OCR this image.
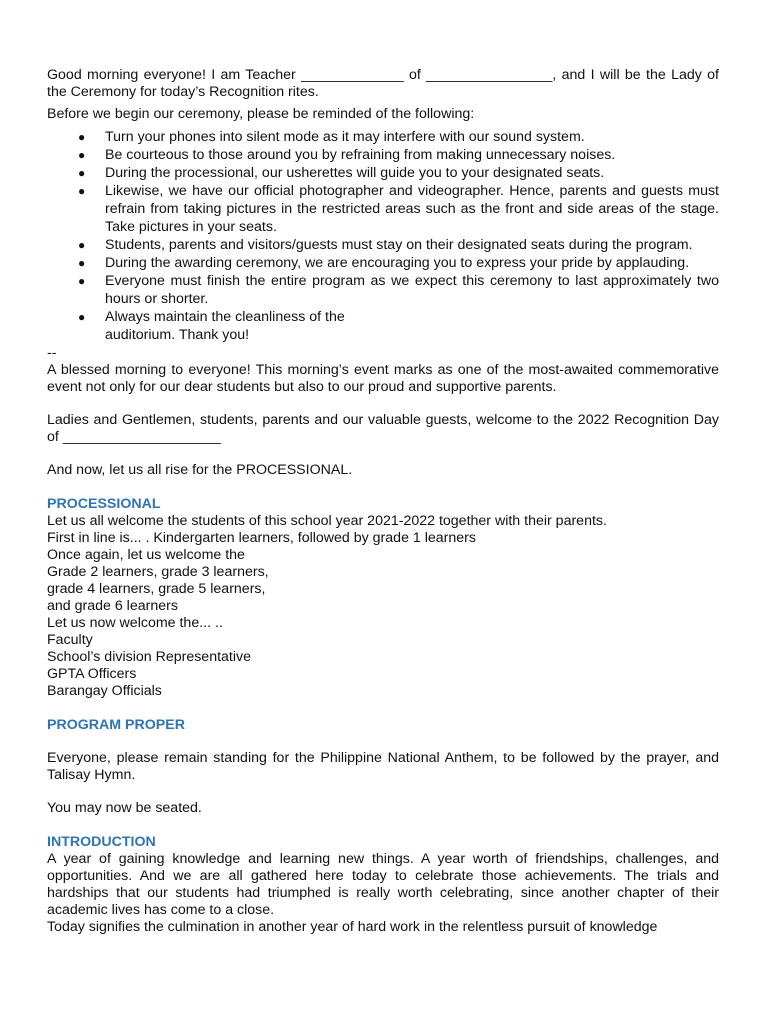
Good morning everyone! I am Teacher _____________ of ________________, and I will be the Lady of the Ceremony for today’s Recognition rites.

Before we begin our ceremony, please be reminded of the following:

● Turn your phones into silent mode as it may interfere with our sound system.
● Be courteous to those around you by refraining from making unnecessary noises.
● During the processional, our usherettes will guide you to your designated seats.
● Likewise, we have our official photographer and videographer. Hence, parents and guests must refrain from taking pictures in the restricted areas such as the front and side areas of the stage. Take pictures in your seats.
● Students, parents and visitors/guests must stay on their designated seats during the program.
● During the awarding ceremony, we are encouraging you to express your pride by applauding.
● Everyone must finish the entire program as we expect this ceremony to last approximately two hours or shorter.
● Always maintain the cleanliness of the auditorium. Thank you!

--

A blessed morning to everyone! This morning’s event marks as one of the most-awaited commemorative event not only for our dear students but also to our proud and supportive parents.

Ladies and Gentlemen, students, parents and our valuable guests, welcome to the 2022 Recognition Day of ____________________

And now, let us all rise for the PROCESSIONAL.

PROCESSIONAL

Let us all welcome the students of this school year 2021-2022 together with their parents.
First in line is... . Kindergarten learners, followed by grade 1 learners
Once again, let us welcome the
Grade 2 learners, grade 3 learners,
grade 4 learners, grade 5 learners,
and grade 6 learners
Let us now welcome the... ..
Faculty
School’s division Representative
GPTA Officers
Barangay Officials

PROGRAM PROPER

Everyone, please remain standing for the Philippine National Anthem, to be followed by the prayer, and Talisay Hymn.

You may now be seated.

INTRODUCTION

A year of gaining knowledge and learning new things. A year worth of friendships, challenges, and opportunities. And we are all gathered here today to celebrate those achievements. The trials and hardships that our students had triumphed is really worth celebrating, since another chapter of their academic lives has come to a close.

Today signifies the culmination in another year of hard work in the relentless pursuit of knowledge
